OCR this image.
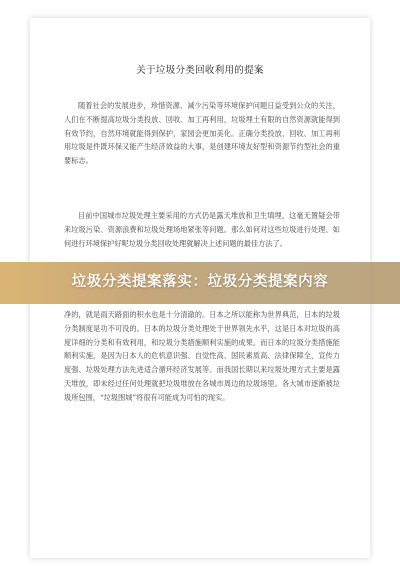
关于垃圾分类回收利用的提案

随着社会的发展进步，珍惜资源、减少污染等环境保护问题日益受到公众的关注，人们在不断提高垃圾分类投放、回收、加工再利用，垃圾埋土有限的自然资源就能得到有效节约，自然环境就能得到保护，家园会更加美化。正确分类投放、回收、加工再利用垃圾是件既环保又能产生经济效益的大事，是创建环境友好型和资源节约型社会的重要标志。

目前中国城市垃圾处理主要采用的方式仍是露天堆放和卫生填埋，这毫无置疑会带来垃圾污染、资源浪费和垃圾处理场地紧张等问题。那么如何对这些垃圾进行处理、如何进行环境保护好呢垃圾分类回收处理就解决上述问题的最佳方法了。

净的，就是雨天路面的积水也是十分清澈的。日本之所以能称为世界典范，日本的垃圾分类制度是功不可没的。日本的垃圾分类处理处于世界领先水平，这是日本对垃圾的高度详细的分类和有效利用，和垃圾分类措施顺利实施的成果。而日本的垃圾分类措施能顺利实施，是因为日本人的危机意识强、自觉性高、国民素质高、法律保障全，宣传力度强、垃圾处理方法先进适合循环经济发展等。而我国长期以来垃圾处理方式主要是露天堆放，即未经过任何处理就把垃圾堆放在各城市周边的垃圾场里。各大城市逐渐被垃圾所包围，“垃圾围城”将很有可能成为可怕的现实。

垃圾分类提案落实：垃圾分类提案内容
